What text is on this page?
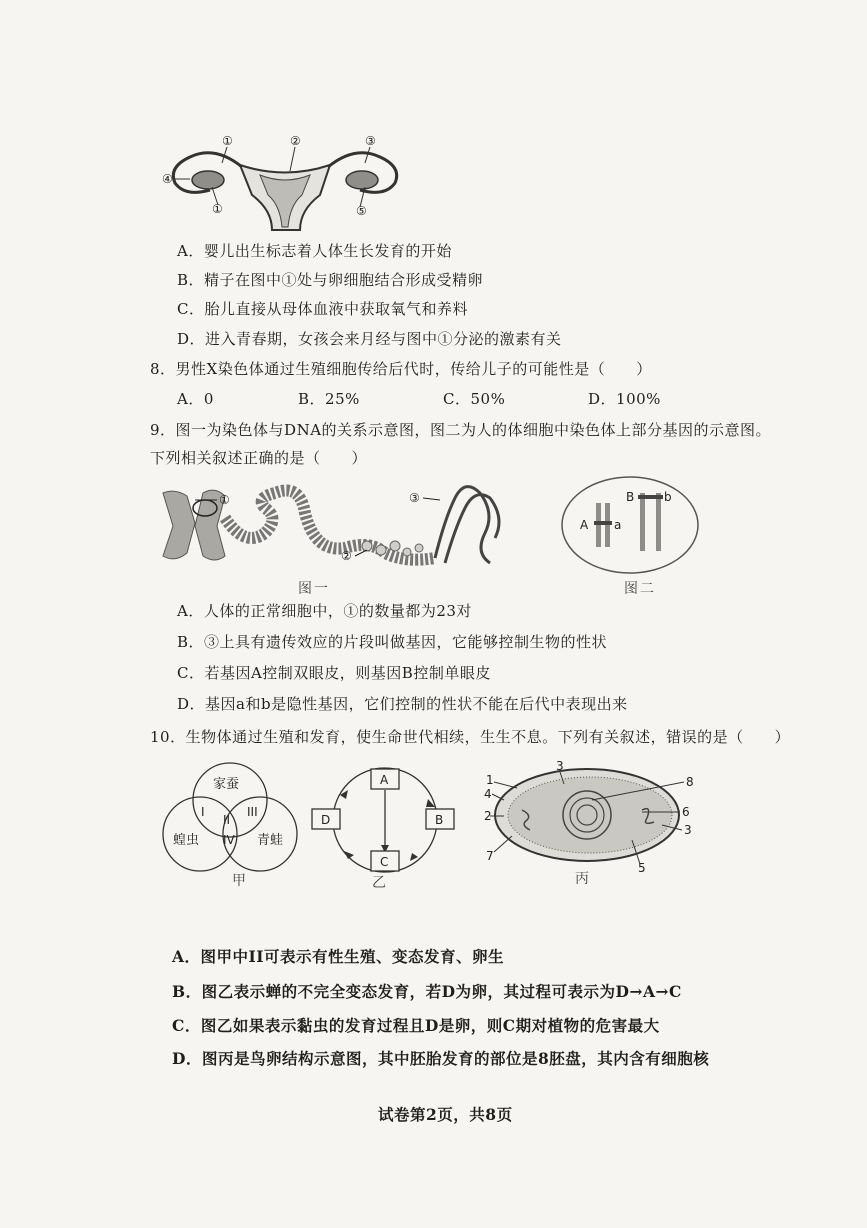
①	②	③
④
①	⑤
A．婴儿出生标志着人体生长发育的开始
B．精子在图中①处与卵细胞结合形成受精卵
C．胎儿直接从母体血液中获取氧气和养料
D．进入青春期，女孩会来月经与图中①分泌的激素有关
8．男性X染色体通过生殖细胞传给后代时，传给儿子的可能性是（　　）
A．0	B．25%	C．50%	D．100%
9．图一为染色体与DNA的关系示意图，图二为人的体细胞中染色体上部分基因的示意图。
下列相关叙述正确的是（　　）
①
②
③
图一
A a
B b
图二
A．人体的正常细胞中，①的数量都为23对
B．③上具有遗传效应的片段叫做基因，它能够控制生物的性状
C．若基因A控制双眼皮，则基因B控制单眼皮
D．基因a和b是隐性基因，它们控制的性状不能在后代中表现出来
10．生物体通过生殖和发育，使生命世代相续，生生不息。下列有关叙述，错误的是（　　）
家蚕
蝗虫	青蛙
I
II
III
IV
甲
A
B
C
D
乙
1
2
3
4
8
6
3
7
5
丙
A．图甲中II可表示有性生殖、变态发育、卵生
B．图乙表示蝉的不完全变态发育，若D为卵，其过程可表示为D→A→C
C．图乙如果表示黏虫的发育过程且D是卵，则C期对植物的危害最大
D．图丙是鸟卵结构示意图，其中胚胎发育的部位是8胚盘，其内含有细胞核
试卷第2页，共8页
